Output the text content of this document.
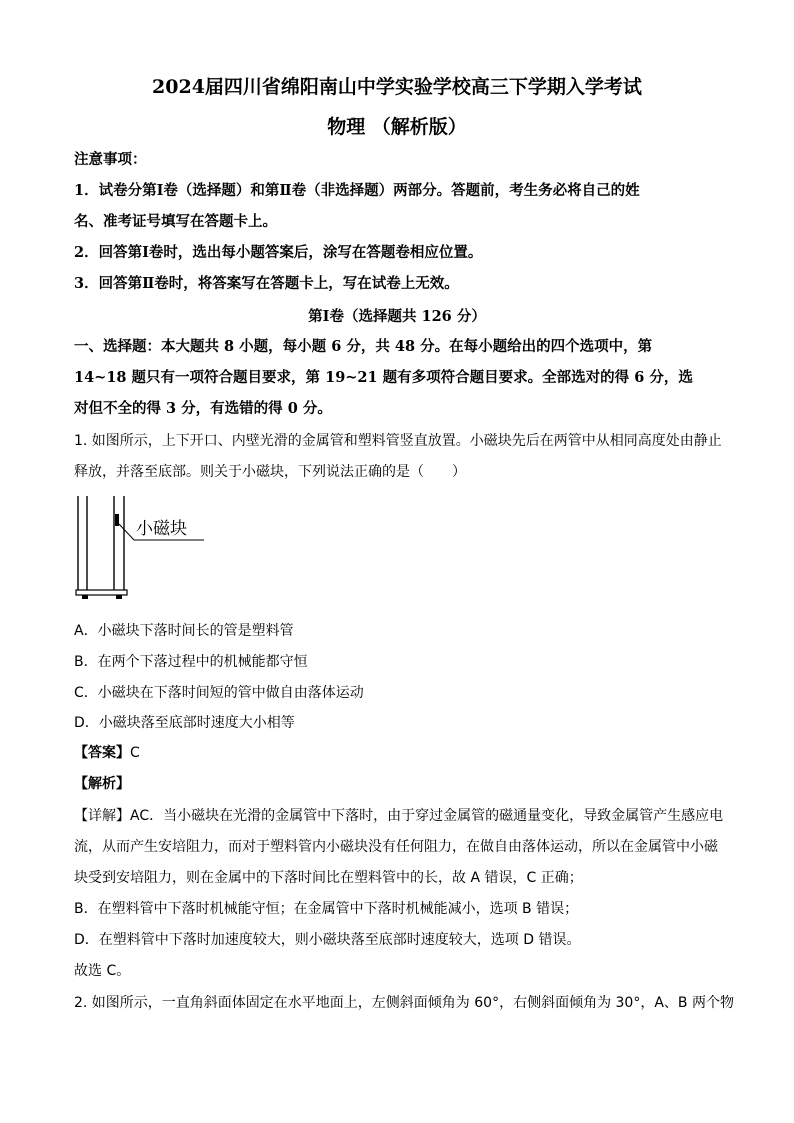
2024届四川省绵阳南山中学实验学校高三下学期入学考试
物理 （解析版）
注意事项：
1．试卷分第Ⅰ卷（选择题）和第Ⅱ卷（非选择题）两部分。答题前，考生务必将自己的姓
名、准考证号填写在答题卡上。
2．回答第Ⅰ卷时，选出每小题答案后，涂写在答题卷相应位置。
3．回答第Ⅱ卷时，将答案写在答题卡上，写在试卷上无效。
第Ⅰ卷（选择题共 126 分）
一、选择题：本大题共 8 小题，每小题 6 分，共 48 分。在每小题给出的四个选项中，第
14~18 题只有一项符合题目要求，第 19~21 题有多项符合题目要求。全部选对的得 6 分，选
对但不全的得 3 分，有选错的得 0 分。
1. 如图所示，上下开口、内壁光滑的金属管和塑料管竖直放置。小磁块先后在两管中从相同高度处由静止
释放，并落至底部。则关于小磁块，下列说法正确的是（　　）
小磁块
A．小磁块下落时间长的管是塑料管
B．在两个下落过程中的机械能都守恒
C．小磁块在下落时间短的管中做自由落体运动
D．小磁块落至底部时速度大小相等
【答案】C
【解析】
【详解】AC．当小磁块在光滑的金属管中下落时，由于穿过金属管的磁通量变化，导致金属管产生感应电
流，从而产生安培阻力，而对于塑料管内小磁块没有任何阻力，在做自由落体运动，所以在金属管中小磁
块受到安培阻力，则在金属中的下落时间比在塑料管中的长，故 A 错误，C 正确；
B．在塑料管中下落时机械能守恒；在金属管中下落时机械能减小，选项 B 错误；
D．在塑料管中下落时加速度较大，则小磁块落至底部时速度较大，选项 D 错误。
故选 C。
2. 如图所示，一直角斜面体固定在水平地面上，左侧斜面倾角为 60°，右侧斜面倾角为 30°，A、B 两个物
